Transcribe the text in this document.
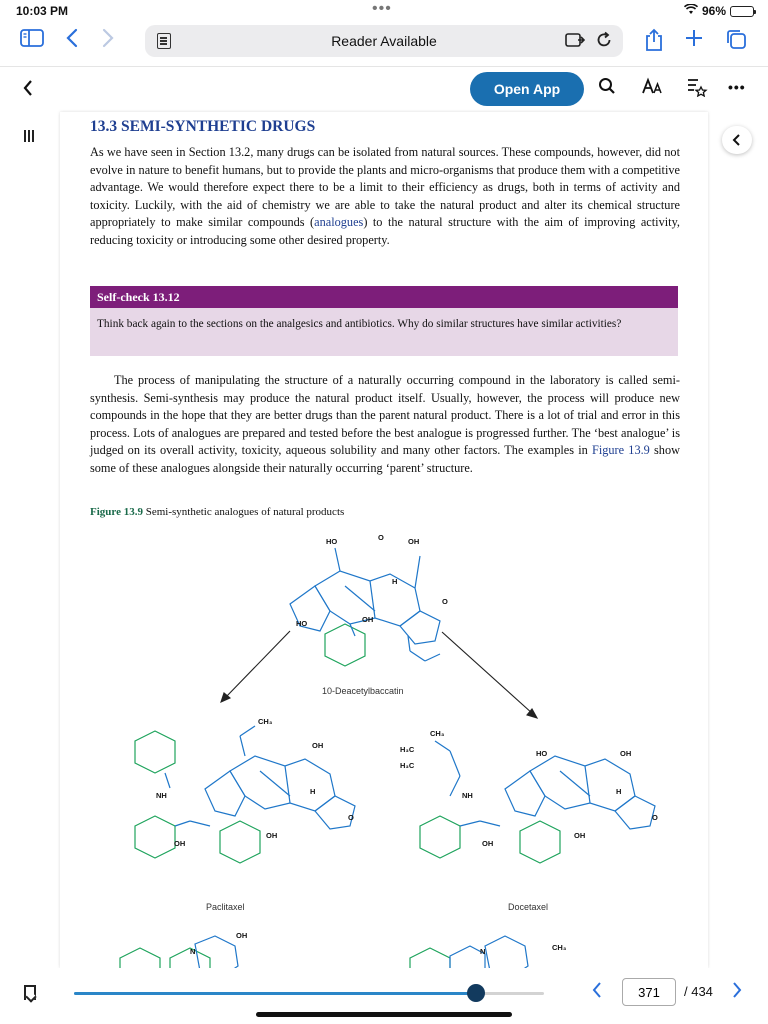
10:03 PM	•••	96%
Reader Available
Open App	•••
13.3 SEMI-SYNTHETIC DRUGS

As we have seen in Section 13.2, many drugs can be isolated from natural sources. These compounds, however, did not evolve in nature to benefit humans, but to provide the plants and micro-organisms that produce them with a competitive advantage. We would therefore expect there to be a limit to their efficiency as drugs, both in terms of activity and toxicity. Luckily, with the aid of chemistry we are able to take the natural product and alter its chemical structure appropriately to make similar compounds (analogues) to the natural structure with the aim of improving activity, reducing toxicity or introducing some other desired property.

Self-check 13.12
Think back again to the sections on the analgesics and antibiotics. Why do similar structures have similar activities?

The process of manipulating the structure of a naturally occurring compound in the laboratory is called semi-synthesis. Semi-synthesis may produce the natural product itself. Usually, however, the process will produce new compounds in the hope that they are better drugs than the parent natural product. There is a lot of trial and error in this process. Lots of analogues are prepared and tested before the best analogue is progressed further. The ‘best analogue’ is judged on its overall activity, toxicity, aqueous solubility and many other factors. The examples in Figure 13.9 show some of these analogues alongside their naturally occurring ‘parent’ structure.

Figure 13.9 Semi-synthetic analogues of natural products
HO	OH
O
HO
H
OH
O
10-Deacetylbaccatin
CH₃
OH
NH
OH
OH
H
O
Paclitaxel
CH₃
H₃C
H₃C
HO	OH
NH
OH
OH
H
O
Docetaxel
N
OH
N	CH₃
371
/ 434
